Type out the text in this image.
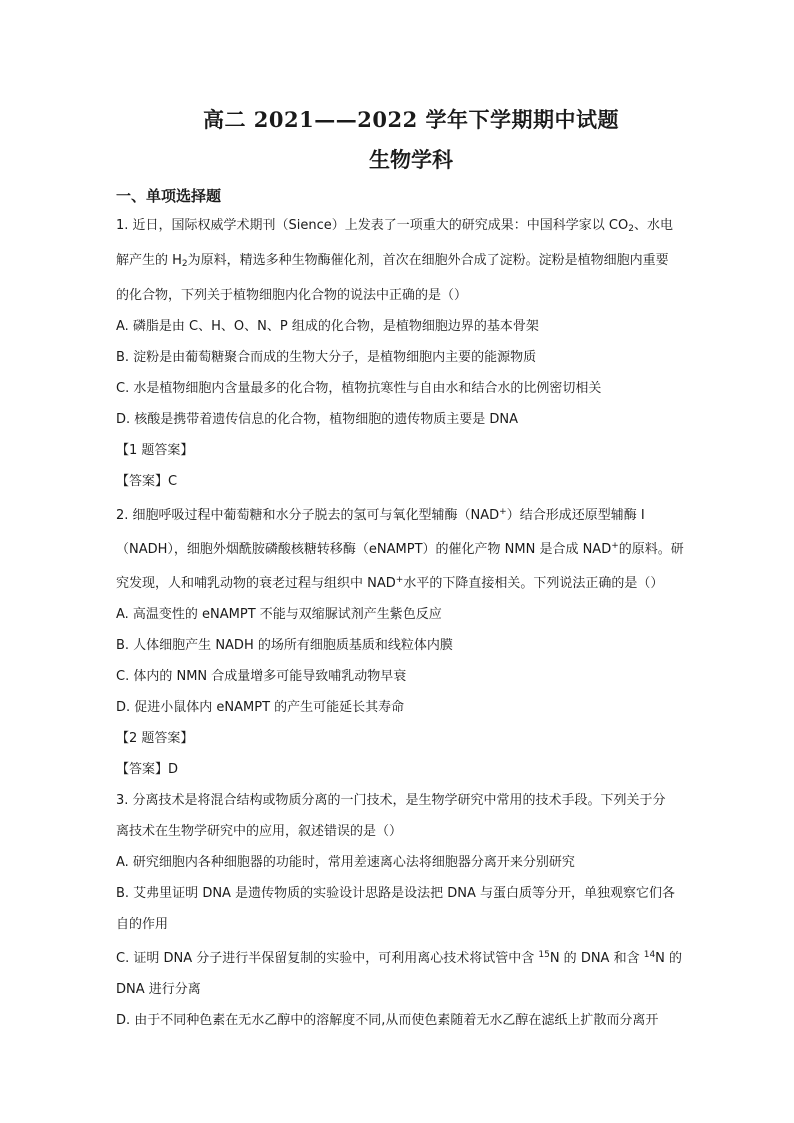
高二 2021——2022 学年下学期期中试题
生物学科
一、单项选择题

1. 近日，国际权威学术期刊（Sience）上发表了一项重大的研究成果：中国科学家以 CO2、水电

解产生的 H2为原料，精选多种生物酶催化剂，首次在细胞外合成了淀粉。淀粉是植物细胞内重要

的化合物，下列关于植物细胞内化合物的说法中正确的是（）

A. 磷脂是由 C、H、O、N、P 组成的化合物，是植物细胞边界的基本骨架

B. 淀粉是由葡萄糖聚合而成的生物大分子，是植物细胞内主要的能源物质

C. 水是植物细胞内含量最多的化合物，植物抗寒性与自由水和结合水的比例密切相关

D. 核酸是携带着遗传信息的化合物，植物细胞的遗传物质主要是 DNA

【1 题答案】

【答案】C

2. 细胞呼吸过程中葡萄糖和水分子脱去的氢可与氧化型辅酶（NAD+）结合形成还原型辅酶 Ⅰ

（NADH），细胞外烟酰胺磷酸核糖转移酶（eNAMPT）的催化产物 NMN 是合成 NAD+的原料。研

究发现，人和哺乳动物的衰老过程与组织中 NAD+水平的下降直接相关。下列说法正确的是（）

A. 高温变性的 eNAMPT 不能与双缩脲试剂产生紫色反应

B. 人体细胞产生 NADH 的场所有细胞质基质和线粒体内膜

C. 体内的 NMN 合成量增多可能导致哺乳动物早衰

D. 促进小鼠体内 eNAMPT 的产生可能延长其寿命

【2 题答案】

【答案】D

3. 分离技术是将混合结构或物质分离的一门技术，是生物学研究中常用的技术手段。下列关于分

离技术在生物学研究中的应用，叙述错误的是（）

A. 研究细胞内各种细胞器的功能时，常用差速离心法将细胞器分离开来分别研究

B. 艾弗里证明 DNA 是遗传物质的实验设计思路是设法把 DNA 与蛋白质等分开，单独观察它们各

自的作用

C. 证明 DNA 分子进行半保留复制的实验中，可利用离心技术将试管中含 $^{15}$N 的 DNA 和含 $^{14}$N 的

DNA 进行分离

D. 由于不同种色素在无水乙醇中的溶解度不同,从而使色素随着无水乙醇在滤纸上扩散而分离开
